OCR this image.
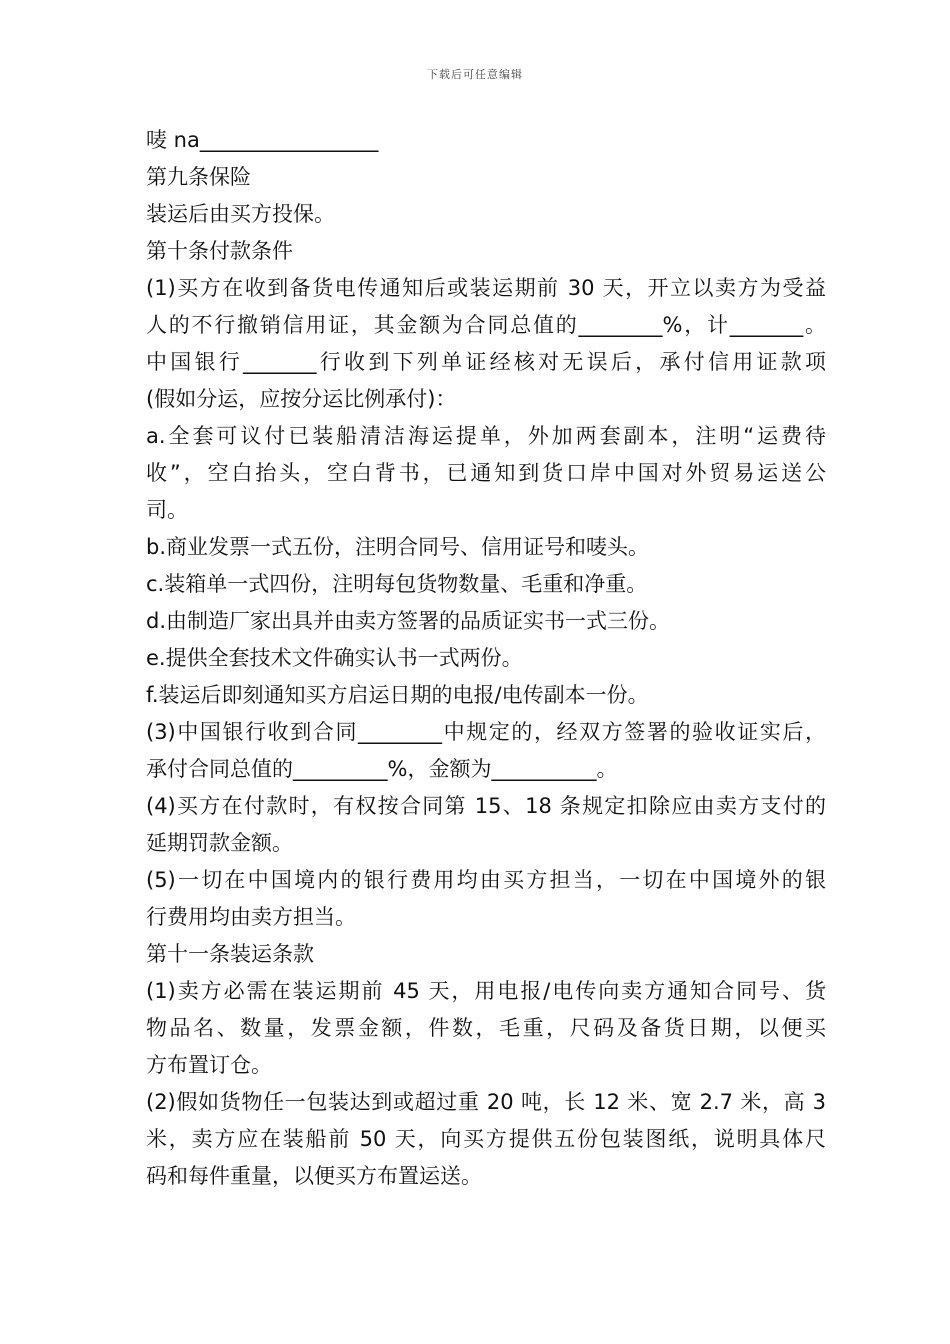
下载后可任意编辑
唛 na_________________
第九条保险
装运后由买方投保。
第十条付款条件
(1)买方在收到备货电传通知后或装运期前 30 天，开立以卖方为受益
人的不行撤销信用证，其金额为合同总值的________%，计_______。
中国银行_______行收到下列单证经核对无误后，承付信用证款项
(假如分运，应按分运比例承付)：
a.全套可议付已装船清洁海运提单，外加两套副本，注明“运费待
收”，空白抬头，空白背书，已通知到货口岸中国对外贸易运送公
司。
b.商业发票一式五份，注明合同号、信用证号和唛头。
c.装箱单一式四份，注明每包货物数量、毛重和净重。
d.由制造厂家出具并由卖方签署的品质证实书一式三份。
e.提供全套技术文件确实认书一式两份。
f.装运后即刻通知买方启运日期的电报/电传副本一份。
(3)中国银行收到合同________中规定的，经双方签署的验收证实后，
承付合同总值的_________%，金额为__________。
(4)买方在付款时，有权按合同第 15、18 条规定扣除应由卖方支付的
延期罚款金额。
(5)一切在中国境内的银行费用均由买方担当，一切在中国境外的银
行费用均由卖方担当。
第十一条装运条款
(1)卖方必需在装运期前 45 天，用电报/电传向卖方通知合同号、货
物品名、数量，发票金额，件数，毛重，尺码及备货日期，以便买
方布置订仓。
(2)假如货物任一包装达到或超过重 20 吨，长 12 米、宽 2.7 米，高 3
米，卖方应在装船前 50 天，向买方提供五份包装图纸，说明具体尺
码和每件重量，以便买方布置运送。
